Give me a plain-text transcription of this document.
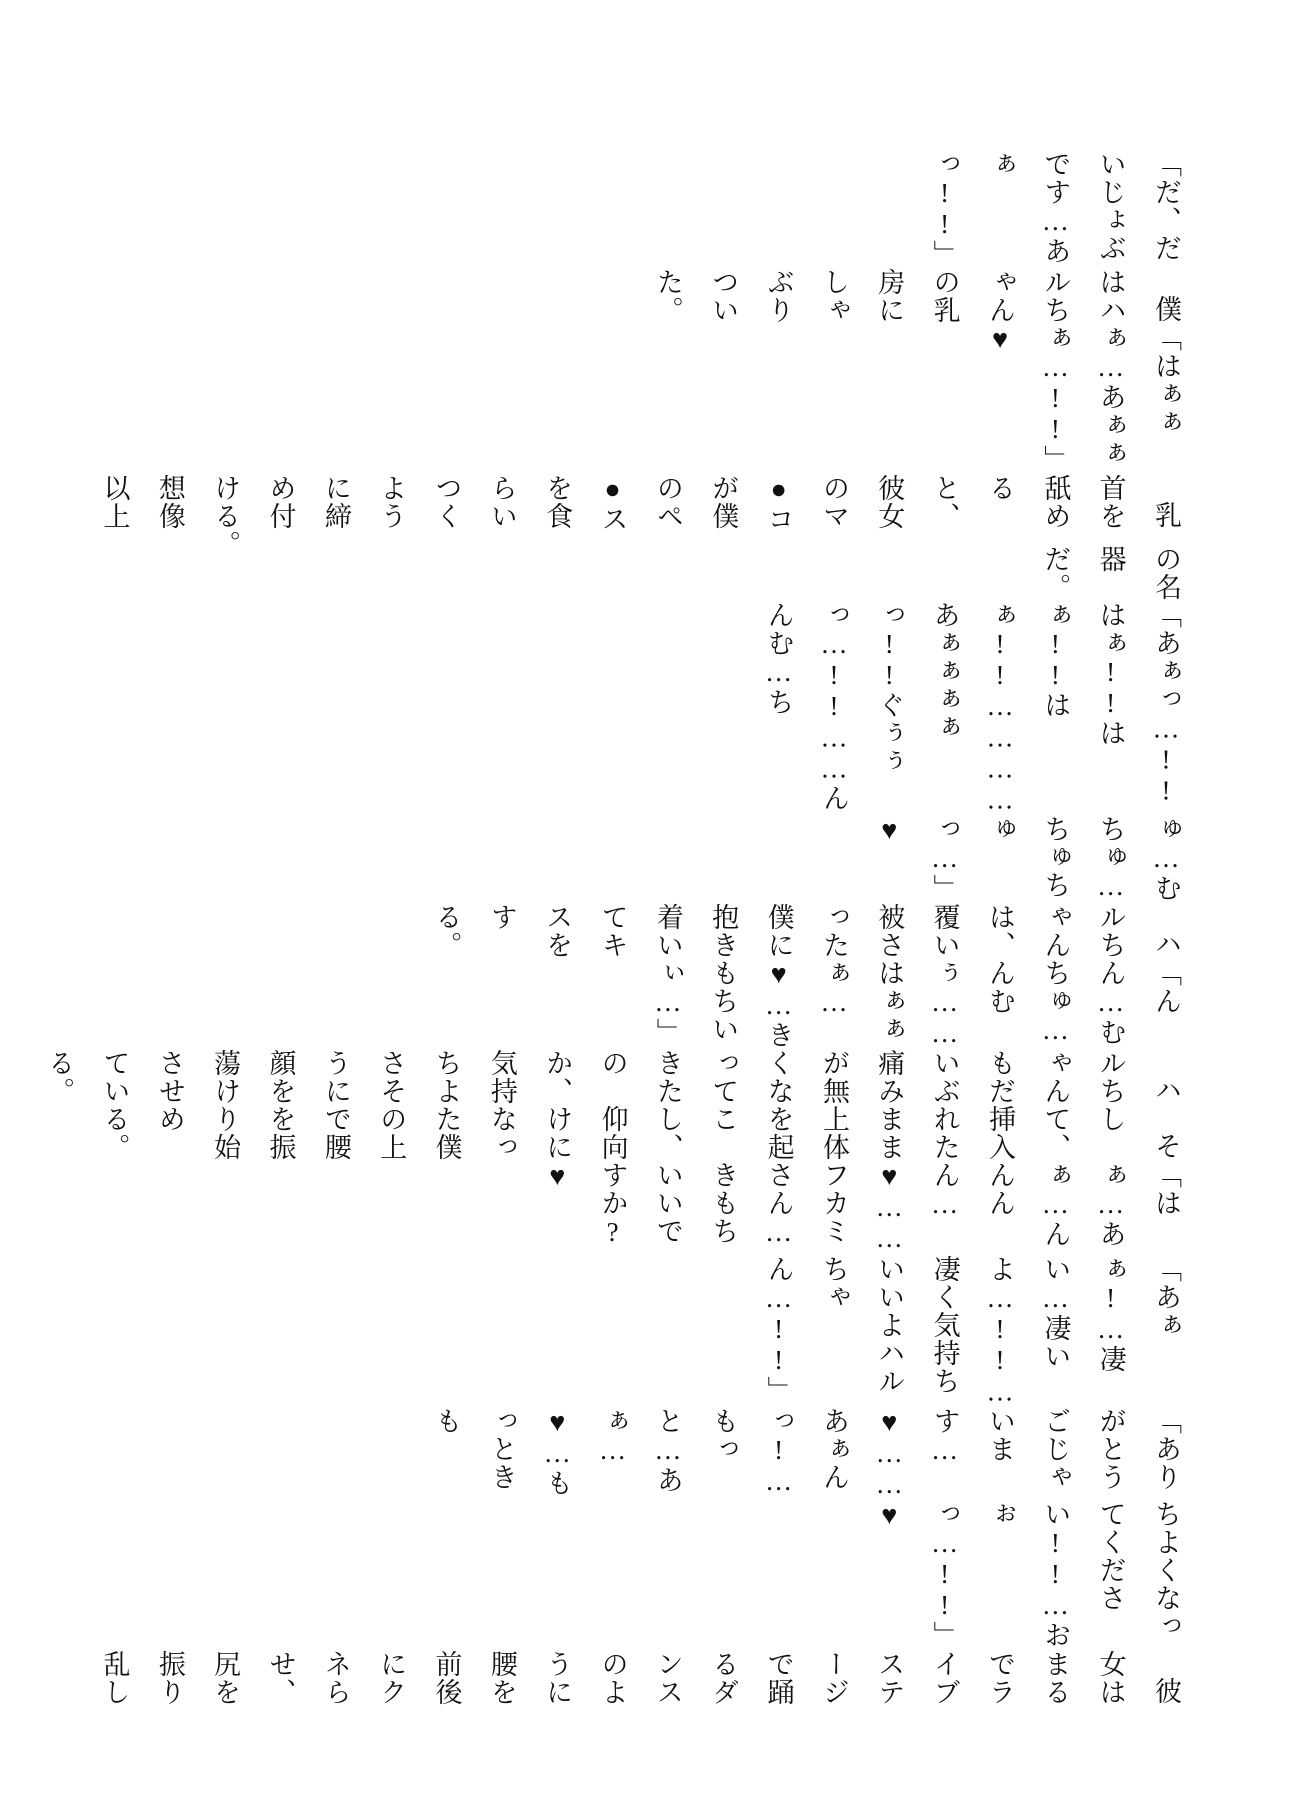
「だ、だいじょぶです…あぁっ!!」
僕はハルちゃんの乳房にしゃぶりついた。
「はぁぁぁ…あぁぁぁ…!!」♥
乳首を舐めると、彼女のマ●コが僕のペ●スを食らいつくように締め付ける。　想像以上
の名器だ。
「あぁっ…!!はぁ!!はぁ!!はぁ!!…………あぁぁぁぁっ!!ぐぅぅっ…!!……んんむ…ち
ゅ…むちゅ…ちゅちゅっ…」♥
ハルちゃんは、覆い被さった僕に抱き着いてキスをする。
「んん…むちゅ…んむぅ……はぁぁぁ…♥…きもちいぃ…」
ハルちゃんもだいぶ痛みが無くなってきたのか、気持ちよさそうに顔を蕩けさせている。
そして、挿入れたまま上体を起こし、仰向けになった僕の上で腰を振り始める。
「はぁ…あぁ…んんんん…♥……フカミさん…きもちいいですか?♥
「あぁぁ!…凄い…凄いよ…!!…凄く気持ちいいよハルちゃん…!!」
「ありがとうごじゃいます…♥……あぁんっ!…もっと…あぁ…♥…もっときも
ちよくなってください!!…おぉっ…!!」♥
彼女はまるでライブステージで踊るダンスのように腰を前後にクネらせ、尻を振り乱し
